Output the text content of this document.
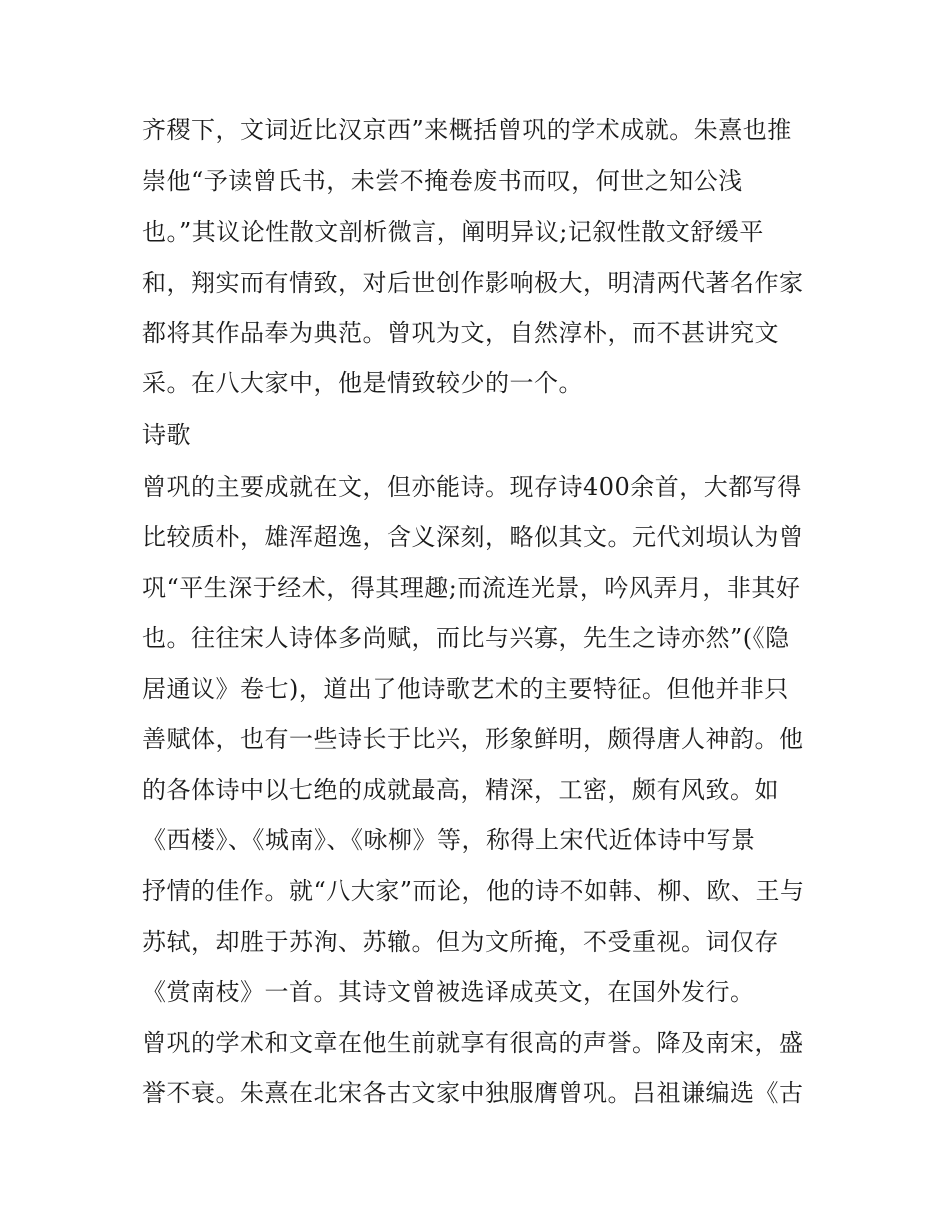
齐稷下，文词近比汉京西”来概括曾巩的学术成就。朱熹也推
崇他“予读曾氏书，未尝不掩卷废书而叹，何世之知公浅
也。”其议论性散文剖析微言，阐明异议;记叙性散文舒缓平
和，翔实而有情致，对后世创作影响极大，明清两代著名作家
都将其作品奉为典范。曾巩为文，自然淳朴，而不甚讲究文
采。在八大家中，他是情致较少的一个。
诗歌
曾巩的主要成就在文，但亦能诗。现存诗400余首，大都写得
比较质朴，雄浑超逸，含义深刻，略似其文。元代刘埙认为曾
巩“平生深于经术，得其理趣;而流连光景，吟风弄月，非其好
也。往往宋人诗体多尚赋，而比与兴寡，先生之诗亦然”(《隐
居通议》卷七)，道出了他诗歌艺术的主要特征。但他并非只
善赋体，也有一些诗长于比兴，形象鲜明，颇得唐人神韵。他
的各体诗中以七绝的成就最高，精深，工密，颇有风致。如
《西楼》、《城南》、《咏柳》等，称得上宋代近体诗中写景
抒情的佳作。就“八大家”而论，他的诗不如韩、柳、欧、王与
苏轼，却胜于苏洵、苏辙。但为文所掩，不受重视。词仅存
《赏南枝》一首。其诗文曾被选译成英文，在国外发行。
曾巩的学术和文章在他生前就享有很高的声誉。降及南宋，盛
誉不衰。朱熹在北宋各古文家中独服膺曾巩。吕祖谦编选《古
